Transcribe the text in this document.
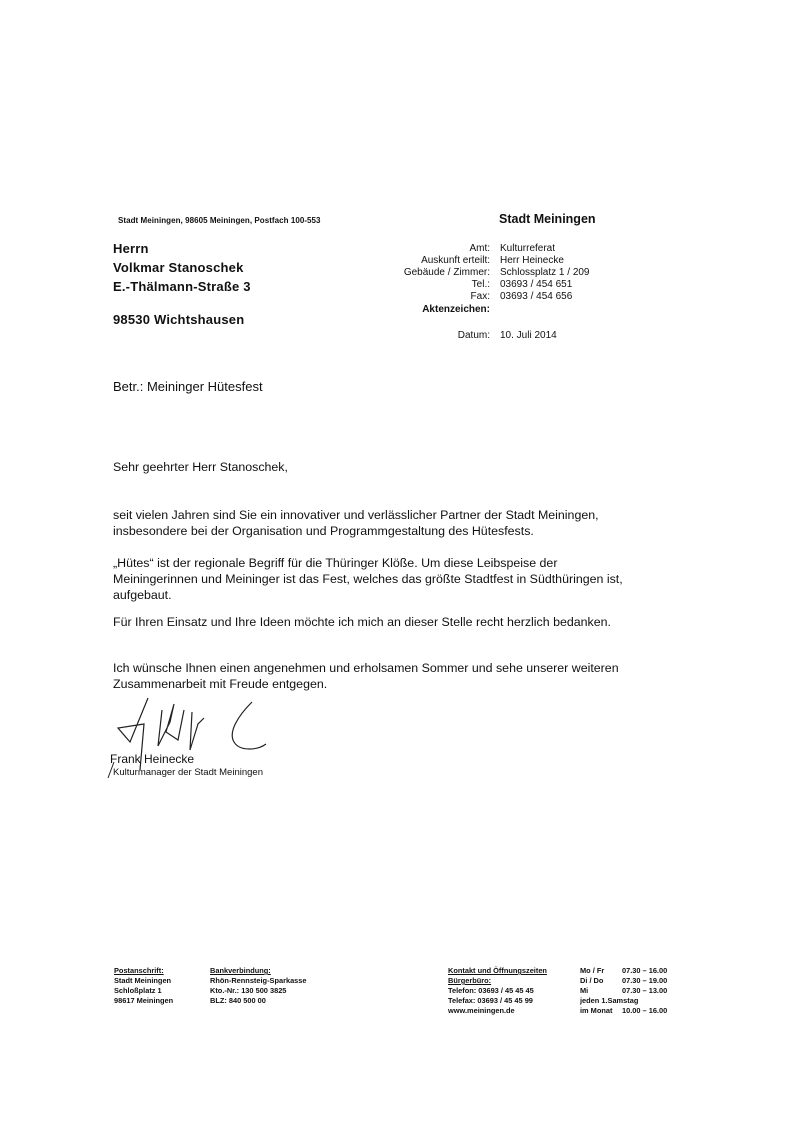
Stadt Meiningen, 98605 Meiningen, Postfach 100-553	Stadt Meiningen
Herrn
Volkmar Stanoschek
E.-Thälmann-Straße 3
98530 Wichtshausen
Amt: Kulturreferat
Auskunft erteilt: Herr Heinecke
Gebäude / Zimmer: Schlossplatz 1 / 209
Tel.: 03693 / 454 651
Fax: 03693 / 454 656
Aktenzeichen:
Datum: 10. Juli 2014
Betr.: Meininger Hütesfest
Sehr geehrter Herr Stanoschek,
seit vielen Jahren sind Sie ein innovativer und verlässlicher Partner der Stadt Meiningen,
insbesondere bei der Organisation und Programmgestaltung des Hütesfests.
„Hütes“ ist der regionale Begriff für die Thüringer Klöße. Um diese Leibspeise der
Meiningerinnen und Meininger ist das Fest, welches das größte Stadtfest in Südthüringen ist,
aufgebaut.
Für Ihren Einsatz und Ihre Ideen möchte ich mich an dieser Stelle recht herzlich bedanken.
Ich wünsche Ihnen einen angenehmen und erholsamen Sommer und sehe unserer weiteren
Zusammenarbeit mit Freude entgegen.
Frank Heinecke
Kulturmanager der Stadt Meiningen
Postanschrift:
Stadt Meiningen
Schloßplatz 1
98617 Meiningen
Bankverbindung:
Rhön-Rennsteig-Sparkasse
Kto.-Nr.: 130 500 3825
BLZ: 840 500 00
Kontakt und Öffnungszeiten
Bürgerbüro:
Telefon: 03693 / 45 45 45
Telefax: 03693 / 45 45 99
www.meiningen.de
Mo / Fr
Di / Do
Mi
jeden 1.Samstag
im Monat
07.30 – 16.00
07.30 – 19.00
07.30 – 13.00

10.00 – 16.00
